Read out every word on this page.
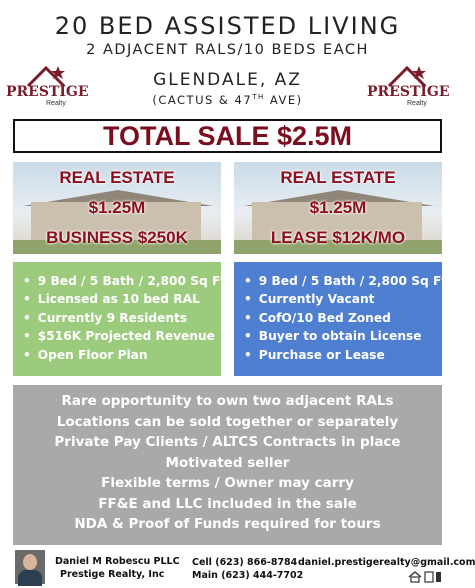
20 BED ASSISTED LIVING
2 ADJACENT RALS/10 BEDS EACH
GLENDALE, AZ
(CACTUS & 47TH AVE)
PRESTIGE
Realty
PRESTIGE
Realty
TOTAL SALE $2.5M
REAL ESTATE
$1.25M
BUSINESS $250K
REAL ESTATE
$1.25M
LEASE $12K/MO
• 9 Bed / 5 Bath / 2,800 Sq Ft
• Licensed as 10 bed RAL
• Currently 9 Residents
• $516K Projected Revenue
• Open Floor Plan
• 9 Bed / 5 Bath / 2,800 Sq Ft
• Currently Vacant
• CofO/10 Bed Zoned
• Buyer to obtain License
• Purchase or Lease
Rare opportunity to own two adjacent RALs
Locations can be sold together or separately
Private Pay Clients / ALTCS Contracts in place
Motivated seller
Flexible terms / Owner may carry
FF&E and LLC included in the sale
NDA & Proof of Funds required for tours
Daniel M Robescu PLLC
Prestige Realty, Inc
Cell (623) 866-8784
Main (623) 444-7702
daniel.prestigerealty@gmail.com
